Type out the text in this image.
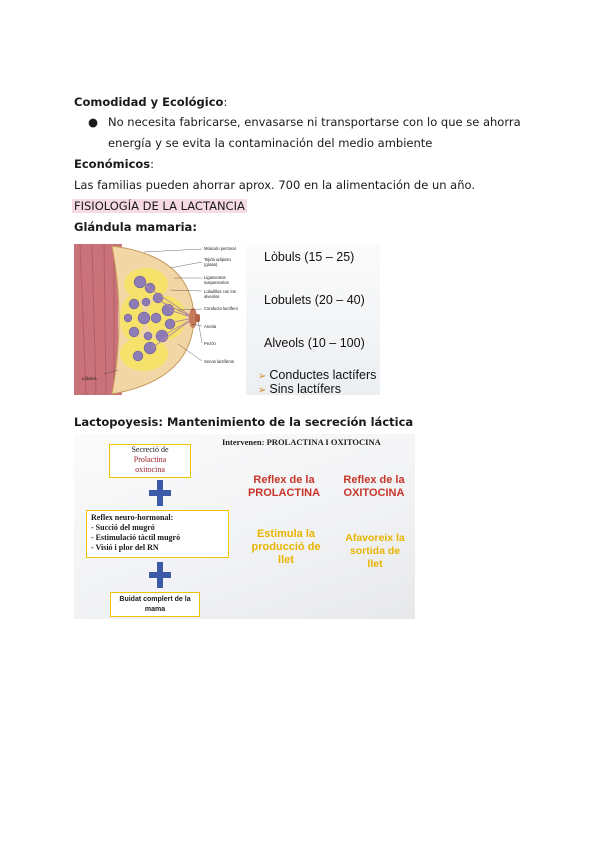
Comodidad y Ecológico:
● No necesita fabricarse, envasarse ni transportarse con lo que se ahorra
energía y se evita la contaminación del medio ambiente
Económicos:
Las familias pueden ahorrar aprox. 700 en la alimentación de un año.
FISIOLOGÍA DE LA LACTANCIA
Glándula mamaria:
Músculo pectoral
Tejido adiposo (grasa)
Ligamentos suspensorios
Lobulillos con los alveolos
Conducto lactífero
Areola
Pezón
Senos lactíferos
Lóbulos
Lòbuls (15 – 25)
Lobulets (20 – 40)
Alveols (10 – 100)
➢ Conductes lactífers
➢ Sins lactífers
Lactopoyesis: Mantenimiento de la secreción láctica
Intervenen: PROLACTINA I OXITOCINA
Secreció de
Prolactina
oxitocina
Reflex neuro-hormonal:
- Succió del mugró
- Estimulació tàctil mugró
- Visió i plor del RN
Buidat complert de la
mama
Reflex de la
PROLACTINA
Reflex de la
OXITOCINA
Estimula la
producció de
llet
Afavoreix la
sortida de
llet
